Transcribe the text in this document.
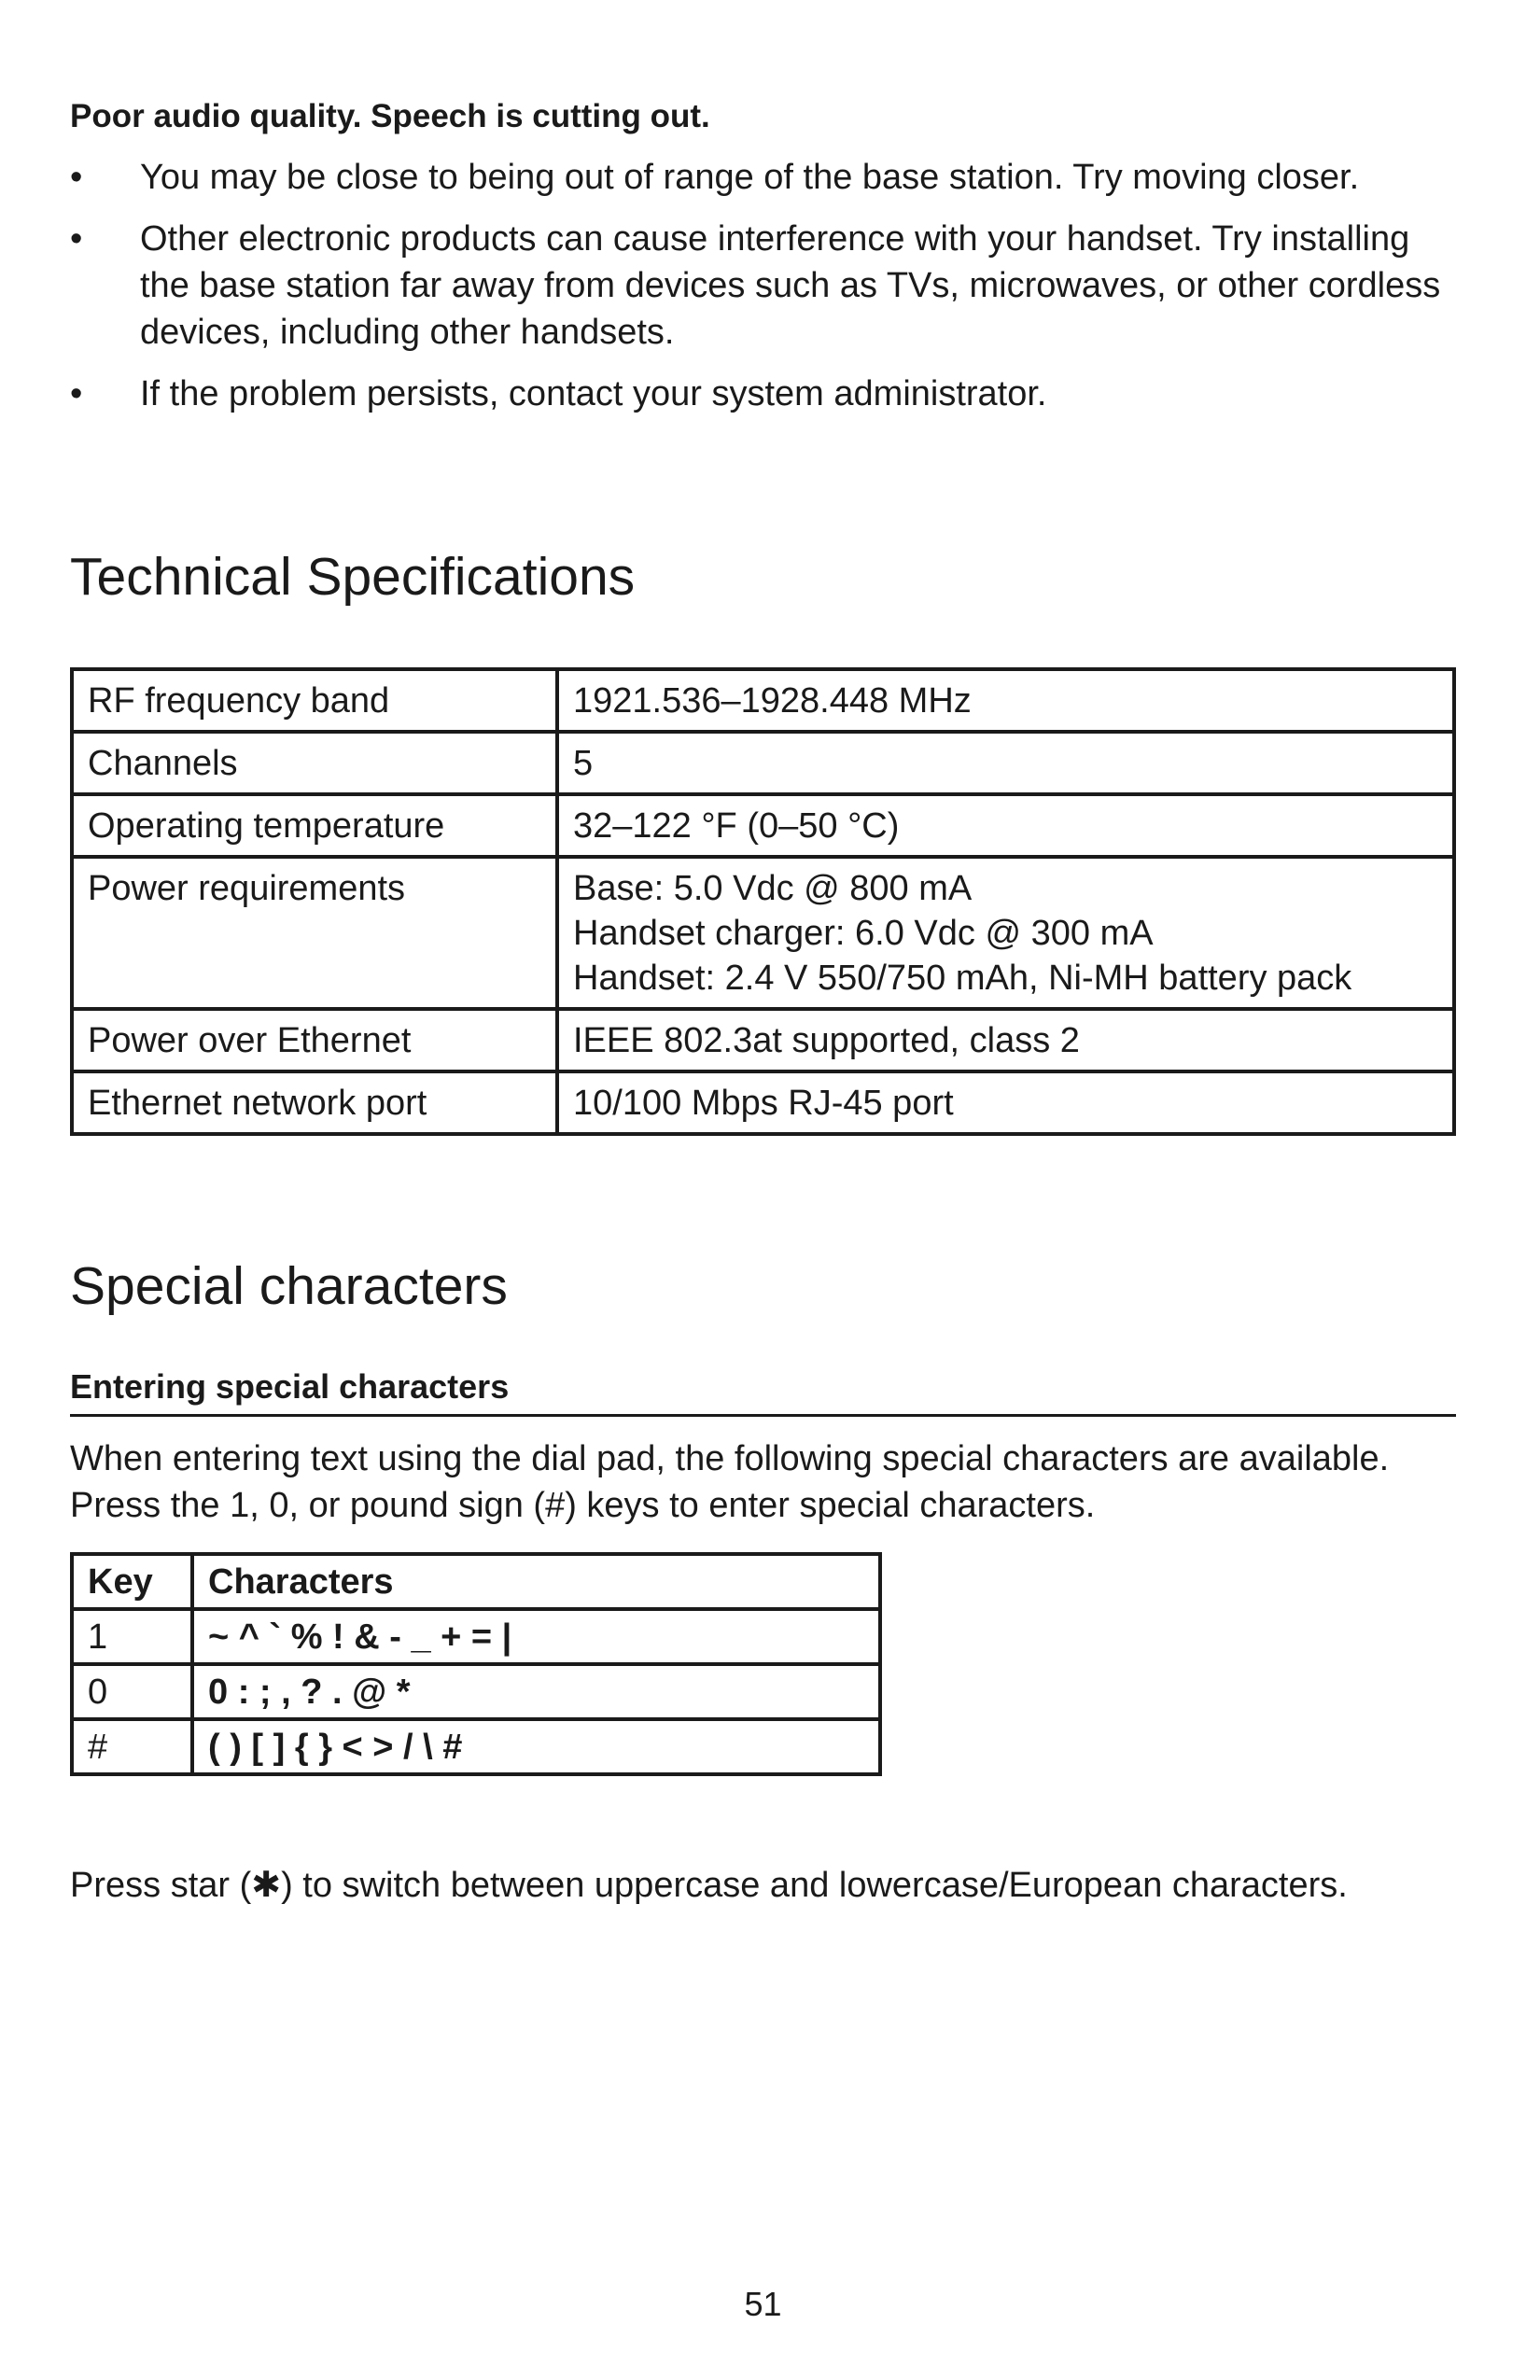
Poor audio quality. Speech is cutting out.
•	You may be close to being out of range of the base station. Try moving closer.
•	Other electronic products can cause interference with your handset. Try installing the base station far away from devices such as TVs, microwaves, or other cordless devices, including other handsets.
•	If the problem persists, contact your system administrator.
Technical Specifications
RF frequency band	1921.536–1928.448 MHz

Channels	5

Operating temperature	32–122 °F (0–50 °C)

Power requirements	Base: 5.0 Vdc @ 800 mA
Handset charger: 6.0 Vdc @ 300 mA
Handset: 2.4 V 550/750 mAh, Ni-MH battery pack

Power over Ethernet	IEEE 802.3at supported, class 2

Ethernet network port	10/100 Mbps RJ-45 port
Special characters
Entering special characters

When entering text using the dial pad, the following special characters are available. Press the 1, 0, or pound sign (#) keys to enter special characters.

Key	Characters
1	~ ^ ` % ! & - _ + = |
0	0 : ; , ? . @ *
#	( ) [ ] { } < > / \ #

Press star (✱) to switch between uppercase and lowercase/European characters.

51
